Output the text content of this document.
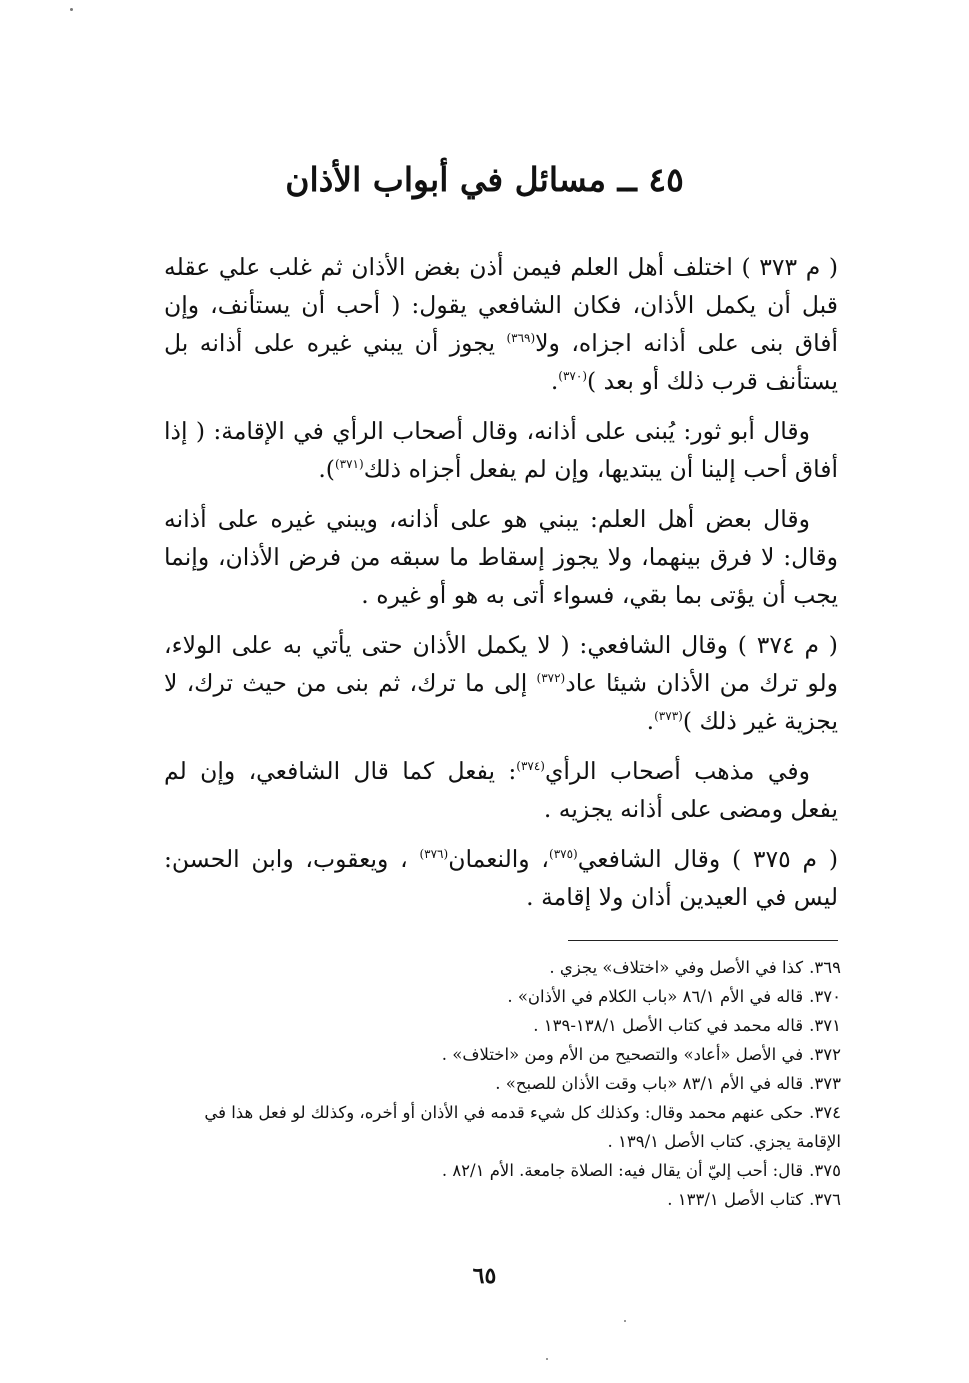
٤٥ ــ مسائل في أبواب الأذان

( م ٣٧٣ ) اختلف أهل العلم فيمن أذن بغض الأذان ثم غلب علي عقله قبل أن يكمل الأذان، فكان الشافعي يقول: ( أحب أن يستأنف، وإن أفاق بنى على أذانه اجزاه، ولا$^{(٣٦٩)}$ يجوز أن يبني غيره على أذانه بل يستأنف قرب ذلك أو بعد )$^{(٣٧٠)}$.

وقال أبو ثور: يُبنى على أذانه، وقال أصحاب الرأي في الإقامة: ( إذا أفاق أحب إلينا أن يبتديها، وإن لم يفعل أجزاه ذلك$^{(٣٧١)}$).

وقال بعض أهل العلم: يبني هو على أذانه، ويبني غيره على أذانه وقال: لا فرق بينهما، ولا يجوز إسقاط ما سبقه من فرض الأذان، وإنما يجب أن يؤتى بما بقي، فسواء أتى به هو أو غيره .

( م ٣٧٤ ) وقال الشافعي: ( لا يكمل الأذان حتى يأتي به على الولاء، ولو ترك من الأذان شيئا عاد$^{(٣٧٢)}$ إلى ما ترك، ثم بنى من حيث ترك، لا يجزية غير ذلك )$^{(٣٧٣)}$.

وفي مذهب أصحاب الرأي$^{(٣٧٤)}$: يفعل كما قال الشافعي، وإن لم يفعل ومضى على أذانه يجزيه .

( م ٣٧٥ ) وقال الشافعي$^{(٣٧٥)}$، والنعمان$^{(٣٧٦)}$ ، ويعقوب، وابن الحسن: ليس في العيدين أذان ولا إقامة .

٣٦٩.كذا في الأصل وفي «اختلاف» يجزي .
٣٧٠.قاله في الأم ٨٦/١ «باب الكلام في الأذان» .
٣٧١.قاله محمد في كتاب الأصل ١٣٨/١-١٣٩ .
٣٧٢.في الأصل «أعاد» والتصحيح من الأم ومن «اختلاف» .
٣٧٣.قاله في الأم ٨٣/١ «باب وقت الأذان للصبح» .
٣٧٤.حكى عنهم محمد وقال: وكذلك كل شيء قدمه في الأذان أو أخره، وكذلك لو فعل هذا في الإقامة يجزي. كتاب الأصل ١٣٩/١ .
٣٧٥.قال: أحب إليّ أن يقال فيه: الصلاة جامعة. الأم ٨٢/١ .
٣٧٦.كتاب الأصل ١٣٣/١ .
٦٥
